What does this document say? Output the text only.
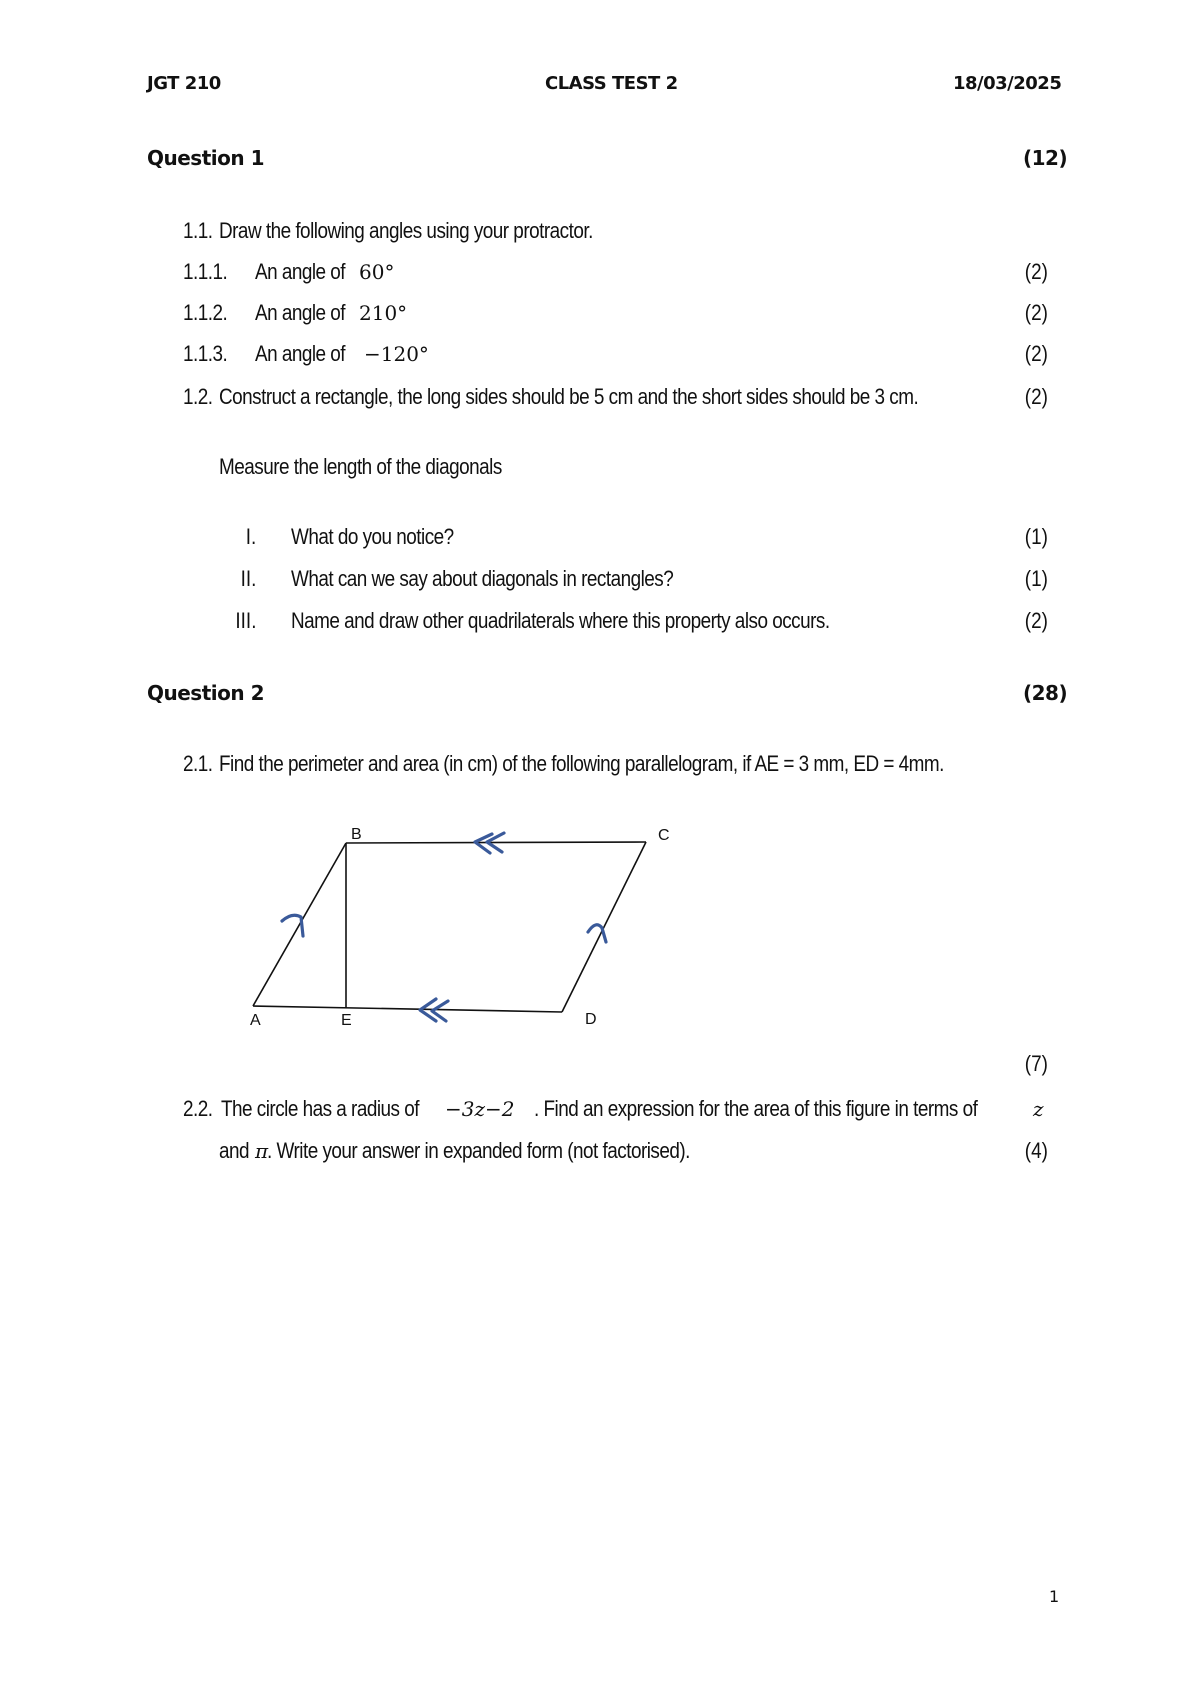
JGT 210	CLASS TEST 2	18/03/2025
Question 1	(12)
1.1. Draw the following angles using your protractor.
1.1.1. An angle of 60°	(2)
1.1.2. An angle of 210°	(2)
1.1.3. An angle of −120°	(2)
1.2. Construct a rectangle, the long sides should be 5 cm and the short sides should be 3 cm.	(2)
Measure the length of the diagonals
I. What do you notice?	(1)
II. What can we say about diagonals in rectangles?	(1)
III. Name and draw other quadrilaterals where this property also occurs.	(2)
Question 2	(28)
2.1. Find the perimeter and area (in cm) of the following parallelogram, if AE = 3 mm, ED = 4mm.
A
B	C
D
E
(7)
2.2. The circle has a radius of −3z−2 . Find an expression for the area of this figure in terms of	z
and π
. Write your answer in expanded form (not factorised).	(4)
1
